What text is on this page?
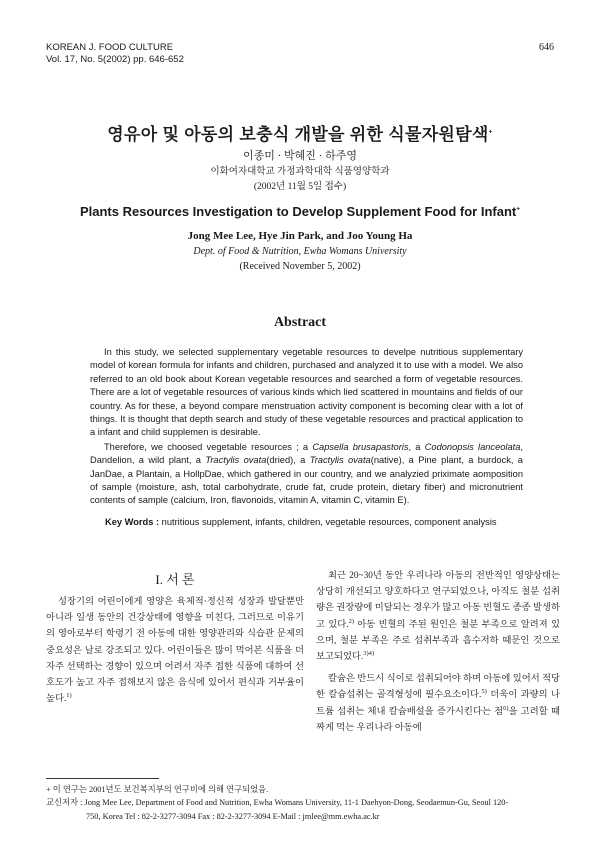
KOREAN J. FOOD CULTURE
Vol. 17, No. 5(2002) pp. 646-652
646
영유아 및 아동의 보충식 개발을 위한 식물자원탐색+
이종미 · 박혜진 · 하주영
이화여자대학교 가정과학대학 식품영양학과
(2002년 11월 5일 접수)
Plants Resources Investigation to Develop Supplement Food for Infant+
Jong Mee Lee, Hye Jin Park, and Joo Young Ha
Dept. of Food & Nutrition, Ewha Womans University
(Received November 5, 2002)
Abstract

In this study, we selected supplementary vegetable resources to develpe nutritious supplementary model of korean formula for infants and children, purchased and analyzed it to use with a model. We also referred to an old book about Korean vegetable resources and searched a form of vegetable resources. There are a lot of vegetable resources of various kinds which lied scattered in mountains and fields of our country. As for these, a beyond compare menstruation activity component is becoming clear with a lot of things. It is thought that depth search and study of these vegetable resources and practical application to a infant and child supplemen is desirable.

Therefore, we choosed vegetable resources ; a Capsella brusapastoris, a Codonopsis lanceolata, Dandelion, a wild plant, a Tractylis ovata(dried), a Tractylis ovata(native), a Pine plant, a burdock, a JanDae, a Plantain, a HollpDae, which gathered in our country, and we analyzied priximate aomposition of sample (moisture, ash, total carbohydrate, crude fat, crude protein, dietary fiber) and micronutrient contents of sample (calcium, Iron, flavonoids, vitamin A, vitamin C, vitamin E).

Key Words : nutritious supplement, infants, children, vegetable resources, component analysis
I. 서 론

성장기의 어린이에게 영양은 육체적·정신적 성장과 발달뿐만 아니라 일생 동안의 건강상태에 영향을 미친다. 그러므로 이유기의 영아로부터 학령기 전 아동에 대한 영양관리와 식습관 문제의 중요성은 날로 강조되고 있다. 어린이들은 많이 먹어본 식품을 더 자주 선택하는 경향이 있으며 어려서 자주 접한 식품에 대하여 선호도가 높고 자주 접해보지 않은 음식에 있어서 편식과 거부율이 높다.$^{1)}$

최근 20~30년 동안 우리나라 아동의 전반적인 영양상태는 상당히 개선되고 양호하다고 연구되었으나, 아직도 철분 섭취량은 권장량에 미달되는 경우가 많고 아동 빈혈도 종종 발생하고 있다.$^{2)}$ 아동 빈혈의 주된 원인은 철분 부족으로 알려져 있으며, 철분 부족은 주로 섭취부족과 흡수저하 때문인 것으로 보고되었다.$^{3)4)}$

칼슘은 반드시 식이로 섭취되어야 하며 아동에 있어서 적당한 칼슘섭취는 골격형성에 필수요소이다.$^{5)}$ 더욱이 과량의 나트륨 섭취는 체내 칼슘배설을 증가시킨다는 점$^{6)}$을 고려할 때 짜게 먹는 우리나라 아동에

+ 이 연구는 2001년도 보건복지부의 연구비에 의해 연구되었음.
교신저자 : Jong Mee Lee, Department of Food and Nutrition, Ewha Womans University, 11-1 Daehyon-Dong, Seodaemun-Gu, Seoul 120-
750, Korea Tel : 82-2-3277-3094 Fax : 82-2-3277-3094 E-Mail : jmlee@mm.ewha.ac.kr
